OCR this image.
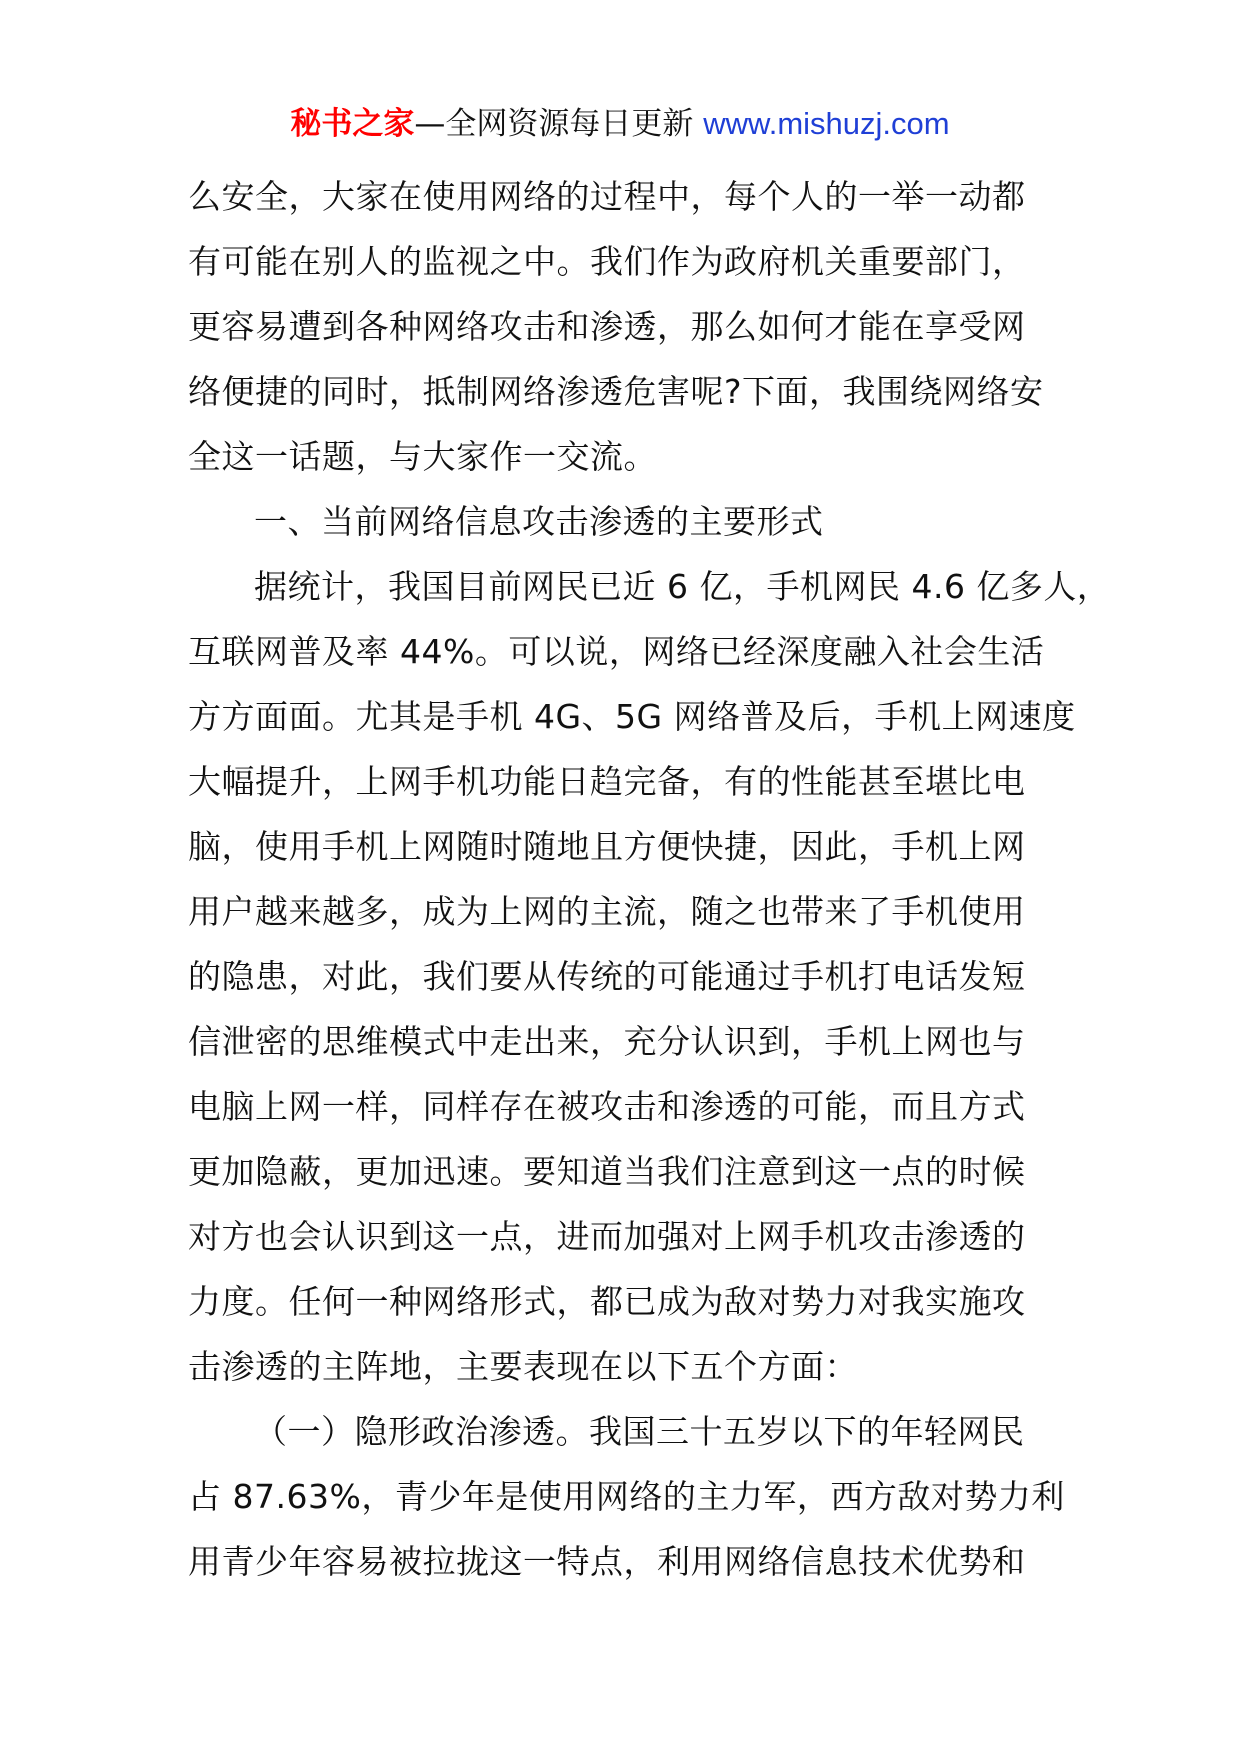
秘书之家—全网资源每日更新 www.mishuzj.com
么安全，大家在使用网络的过程中，每个人的一举一动都
有可能在别人的监视之中。我们作为政府机关重要部门，
更容易遭到各种网络攻击和渗透，那么如何才能在享受网
络便捷的同时，抵制网络渗透危害呢?下面，我围绕网络安
全这一话题，与大家作一交流。
一、当前网络信息攻击渗透的主要形式
据统计，我国目前网民已近 6 亿，手机网民 4.6 亿多人，
互联网普及率 44%。可以说，网络已经深度融入社会生活
方方面面。尤其是手机 4G、5G 网络普及后，手机上网速度
大幅提升，上网手机功能日趋完备，有的性能甚至堪比电
脑，使用手机上网随时随地且方便快捷，因此，手机上网
用户越来越多，成为上网的主流，随之也带来了手机使用
的隐患，对此，我们要从传统的可能通过手机打电话发短
信泄密的思维模式中走出来，充分认识到，手机上网也与
电脑上网一样，同样存在被攻击和渗透的可能，而且方式
更加隐蔽，更加迅速。要知道当我们注意到这一点的时候
对方也会认识到这一点，进而加强对上网手机攻击渗透的
力度。任何一种网络形式，都已成为敌对势力对我实施攻
击渗透的主阵地，主要表现在以下五个方面：
（一）隐形政治渗透。我国三十五岁以下的年轻网民
占 87.63%，青少年是使用网络的主力军，西方敌对势力利
用青少年容易被拉拢这一特点，利用网络信息技术优势和
